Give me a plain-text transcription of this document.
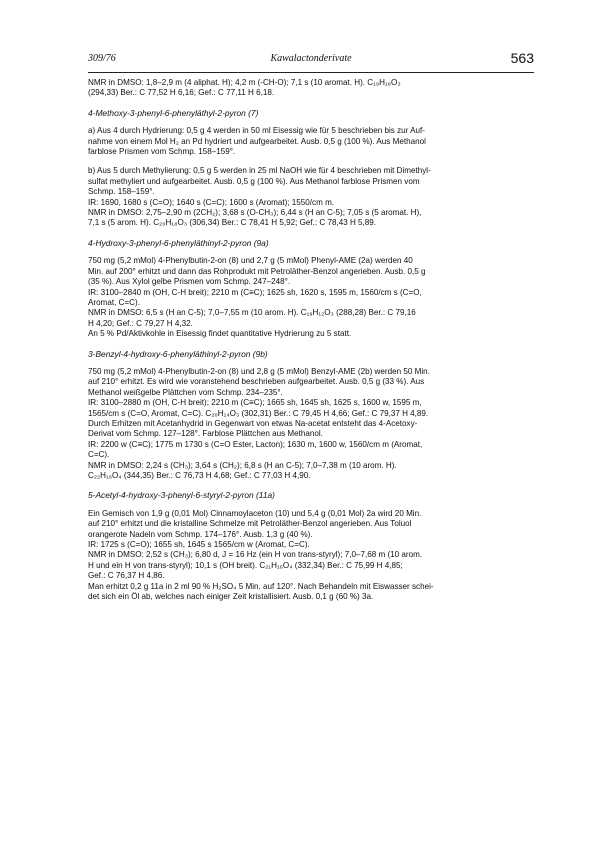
309/76	Kawalactonderivate	563
NMR in DMSO: 1,8–2,9 m (4 aliphat. H); 4,2 m (-CH-O); 7,1 s (10 aromat. H). C₁₉H₁₈O₃
(294,33) Ber.: C 77,52 H 6,16; Gef.: C 77,11 H 6,18.
4-Methoxy-3-phenyl-6-phenyläthyl-2-pyron (7)
a) Aus 4 durch Hydrierung: 0,5 g 4 werden in 50 ml Eisessig wie für 5 beschrieben bis zur Auf-
nahme von einem Mol H₂ an Pd hydriert und aufgearbeitet. Ausb. 0,5 g (100 %). Aus Methanol
farblose Prismen vom Schmp. 158–159°.
b) Aus 5 durch Methylierung: 0,5 g 5 werden in 25 ml NaOH wie für 4 beschrieben mit Dimethyl-
sulfat methyliert und aufgearbeitet. Ausb. 0,5 g (100 %). Aus Methanol farblose Prismen vom
Schmp. 158–159°.
IR: 1690, 1680 s (C=O); 1640 s (C=C); 1600 s (Aromat); 1550/cm m.
NMR in DMSO: 2,75–2,90 m (2CH₂); 3,68 s (O-CH₃); 6,44 s (H an C-5); 7,05 s (5 aromat. H),
7,1 s (5 arom. H). C₂₀H₁₈O₃ (306,34) Ber.: C 78,41 H 5,92; Gef.: C 78,43 H 5,89.
4-Hydroxy-3-phenyl-6-phenyläthinyl-2-pyron (9a)
750 mg (5,2 mMol) 4-Phenylbutin-2-on (8) und 2,7 g (5 mMol) Phenyl-AME (2a) werden 40
Min. auf 200° erhitzt und dann das Rohprodukt mit Petroläther-Benzol angerieben. Ausb. 0,5 g
(35 %). Aus Xylol gelbe Prismen vom Schmp. 247–248°.
IR: 3100–2840 m (OH, C-H breit); 2210 m (C≡C); 1625 sh, 1620 s, 1595 m, 1560/cm s (C=O,
Aromat, C=C).
NMR in DMSO: 6,5 s (H an C-5); 7,0–7,55 m (10 arom. H). C₁₉H₁₂O₃ (288,28) Ber.: C 79,16
H 4,20; Gef.: C 79,27 H 4,32.
An 5 % Pd/Aktivkohle in Eisessig findet quantitative Hydrierung zu 5 statt.
3-Benzyl-4-hydroxy-6-phenyläthinyl-2-pyron (9b)
750 mg (5,2 mMol) 4-Phenylbutin-2-on (8) und 2,8 g (5 mMol) Benzyl-AME (2b) werden 50 Min.
auf 210° erhitzt. Es wird wie voranstehend beschrieben aufgearbeitet. Ausb. 0,5 g (33 %). Aus
Methanol weißgelbe Plättchen vom Schmp. 234–235°.
IR: 3100–2880 m (OH, C-H breit); 2210 m (C≡C); 1665 sh, 1645 sh, 1625 s, 1600 w, 1595 m,
1565/cm s (C=O, Aromat, C=C). C₂₀H₁₄O₃ (302,31) Ber.: C 79,45 H 4,66; Gef.: C 79,37 H 4,89.
Durch Erhitzen mit Acetanhydrid in Gegenwart von etwas Na-acetat entsteht das 4-Acetoxy-
Derivat vom Schmp. 127–128°. Farblose Plättchen aus Methanol.
IR: 2200 w (C≡C); 1775 m 1730 s (C=O Ester, Lacton); 1630 m, 1600 w, 1560/cm m (Aromat,
C=C).
NMR in DMSO: 2,24 s (CH₃); 3,64 s (CH₂); 6,8 s (H an C-5); 7,0–7,38 m (10 arom. H).
C₂₂H₁₆O₄ (344,35) Ber.: C 76,73 H 4,68; Gef.: C 77,03 H 4,90.
5-Acetyl-4-hydroxy-3-phenyl-6-styryl-2-pyron (11a)
Ein Gemisch von 1,9 g (0,01 Mol) Cinnamoylaceton (10) und 5,4 g (0,01 Mol) 2a wird 20 Min.
auf 210° erhitzt und die kristalline Schmelze mit Petroläther-Benzol angerieben. Aus Toluol
orangerote Nadeln vom Schmp. 174–176°. Ausb. 1,3 g (40 %).
IR: 1725 s (C=O); 1655 sh, 1645 s 1565/cm w (Aromat, C=C).
NMR in DMSO: 2,52 s (CH₃); 6,80 d, J = 16 Hz (ein H von trans-styryl); 7,0–7,68 m (10 arom.
H und ein H von trans-styryl); 10,1 s (OH breit). C₂₁H₁₆O₄ (332,34) Ber.: C 75,99 H 4,85;
Gef.: C 76,37 H 4,86.
Man erhitzt 0,2 g 11a in 2 ml 90 % H₂SO₄ 5 Min. auf 120°. Nach Behandeln mit Eiswasser schei-
det sich ein Öl ab, welches nach einiger Zeit kristallisiert. Ausb. 0,1 g (60 %) 3a.
